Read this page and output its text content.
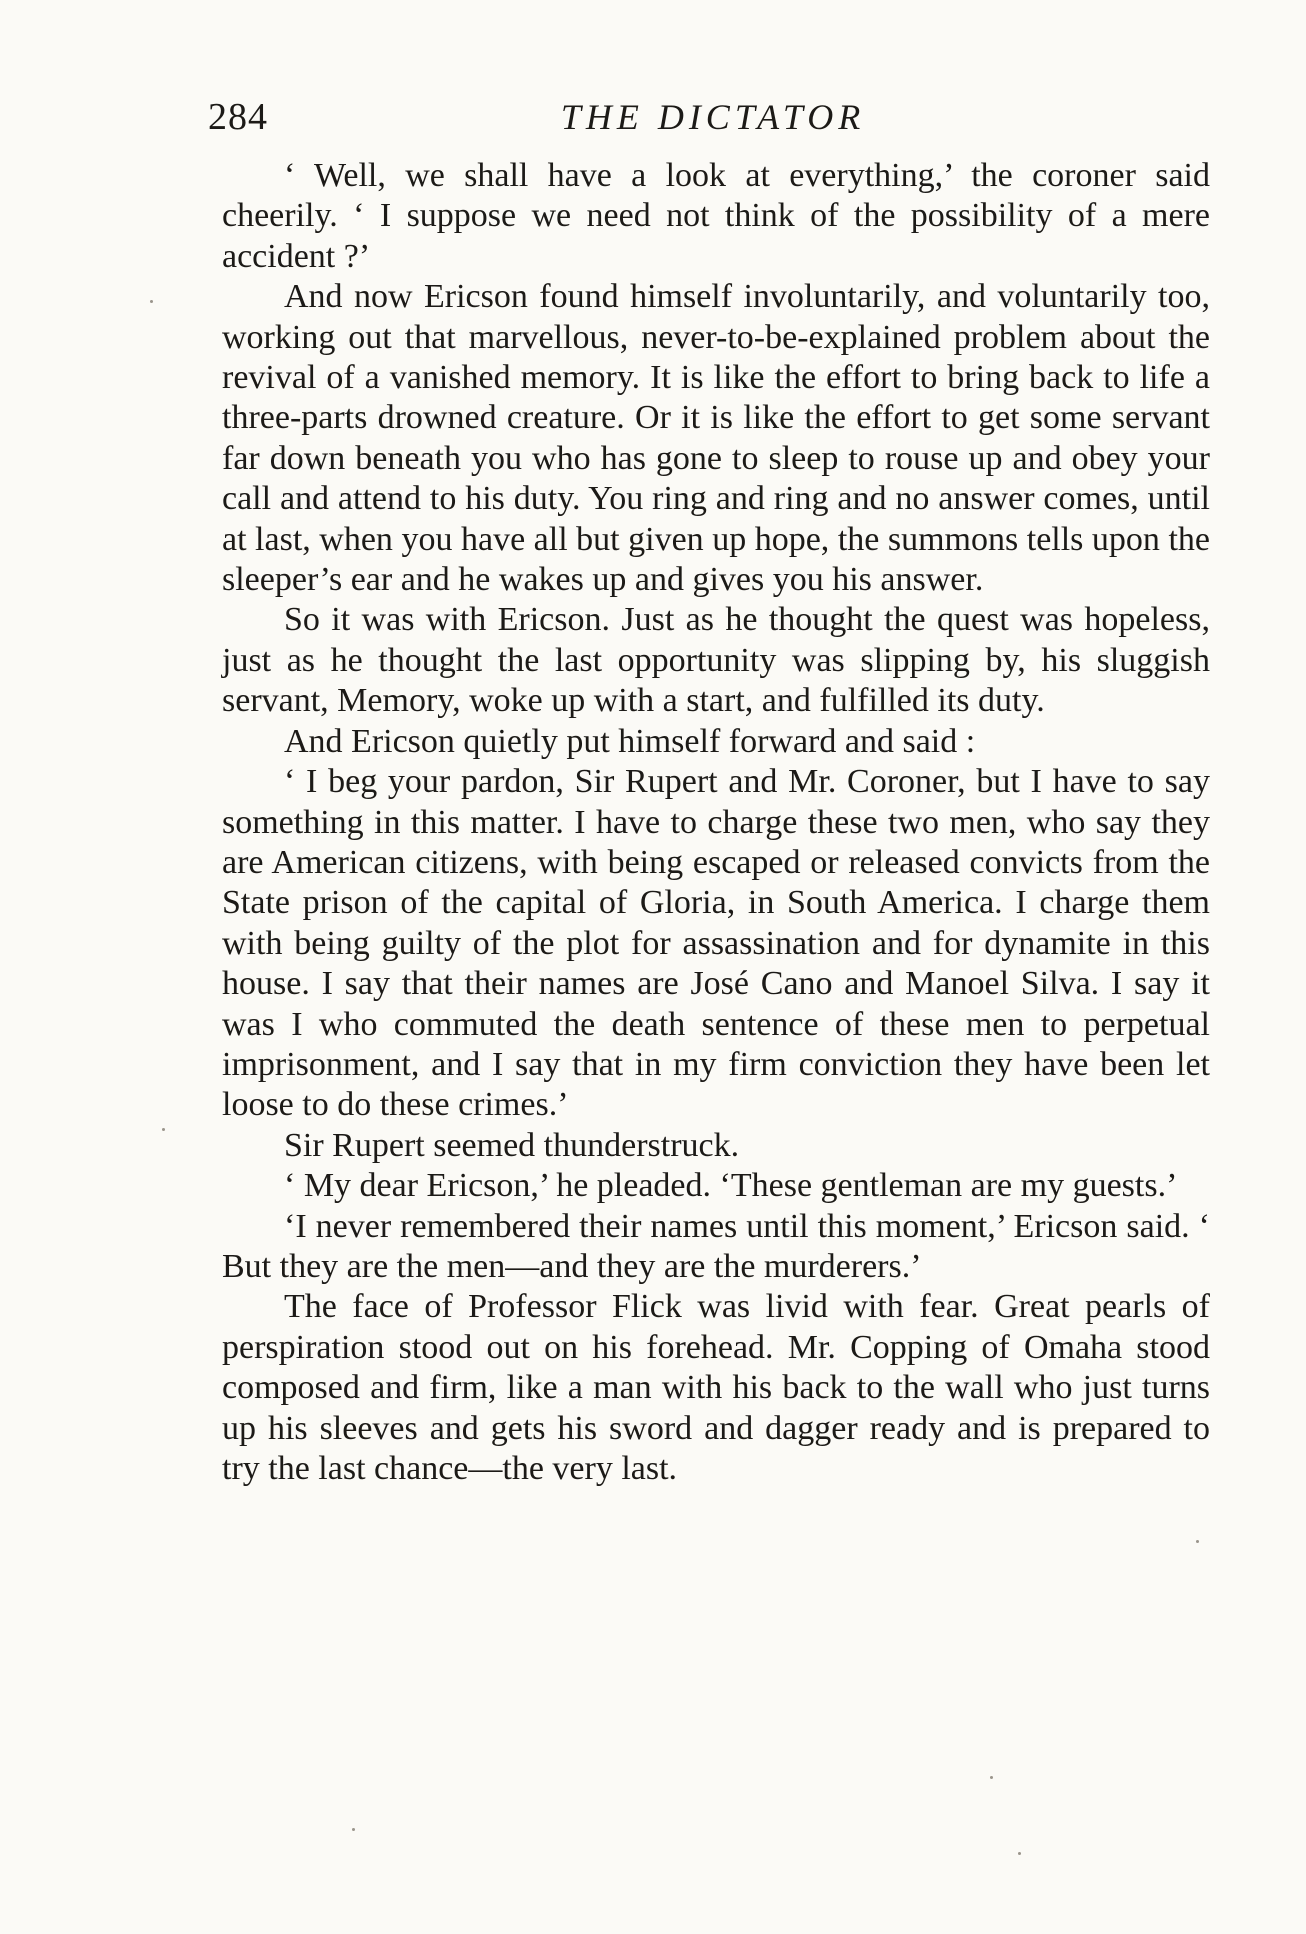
284	THE DICTATOR

‘ Well, we shall have a look at everything,’ the coroner said cheerily. ‘ I suppose we need not think of the possibility of a mere accident ?’

And now Ericson found himself involuntarily, and voluntarily too, working out that marvellous, never-to-be-explained problem about the revival of a vanished memory. It is like the effort to bring back to life a three-parts drowned creature. Or it is like the effort to get some servant far down beneath you who has gone to sleep to rouse up and obey your call and attend to his duty. You ring and ring and no answer comes, until at last, when you have all but given up hope, the summons tells upon the sleeper’s ear and he wakes up and gives you his answer.

So it was with Ericson. Just as he thought the quest was hopeless, just as he thought the last opportunity was slipping by, his sluggish servant, Memory, woke up with a start, and fulfilled its duty.

And Ericson quietly put himself forward and said :

‘ I beg your pardon, Sir Rupert and Mr. Coroner, but I have to say something in this matter. I have to charge these two men, who say they are American citizens, with being escaped or released convicts from the State prison of the capital of Gloria, in South America. I charge them with being guilty of the plot for assassination and for dynamite in this house. I say that their names are José Cano and Manoel Silva. I say it was I who commuted the death sentence of these men to perpetual imprisonment, and I say that in my firm conviction they have been let loose to do these crimes.’

Sir Rupert seemed thunderstruck.

‘ My dear Ericson,’ he pleaded. ‘These gentleman are my guests.’

‘I never remembered their names until this moment,’ Ericson said. ‘ But they are the men—and they are the murderers.’

The face of Professor Flick was livid with fear. Great pearls of perspiration stood out on his forehead. Mr. Copping of Omaha stood composed and firm, like a man with his back to the wall who just turns up his sleeves and gets his sword and dagger ready and is prepared to try the last chance—the very last.
